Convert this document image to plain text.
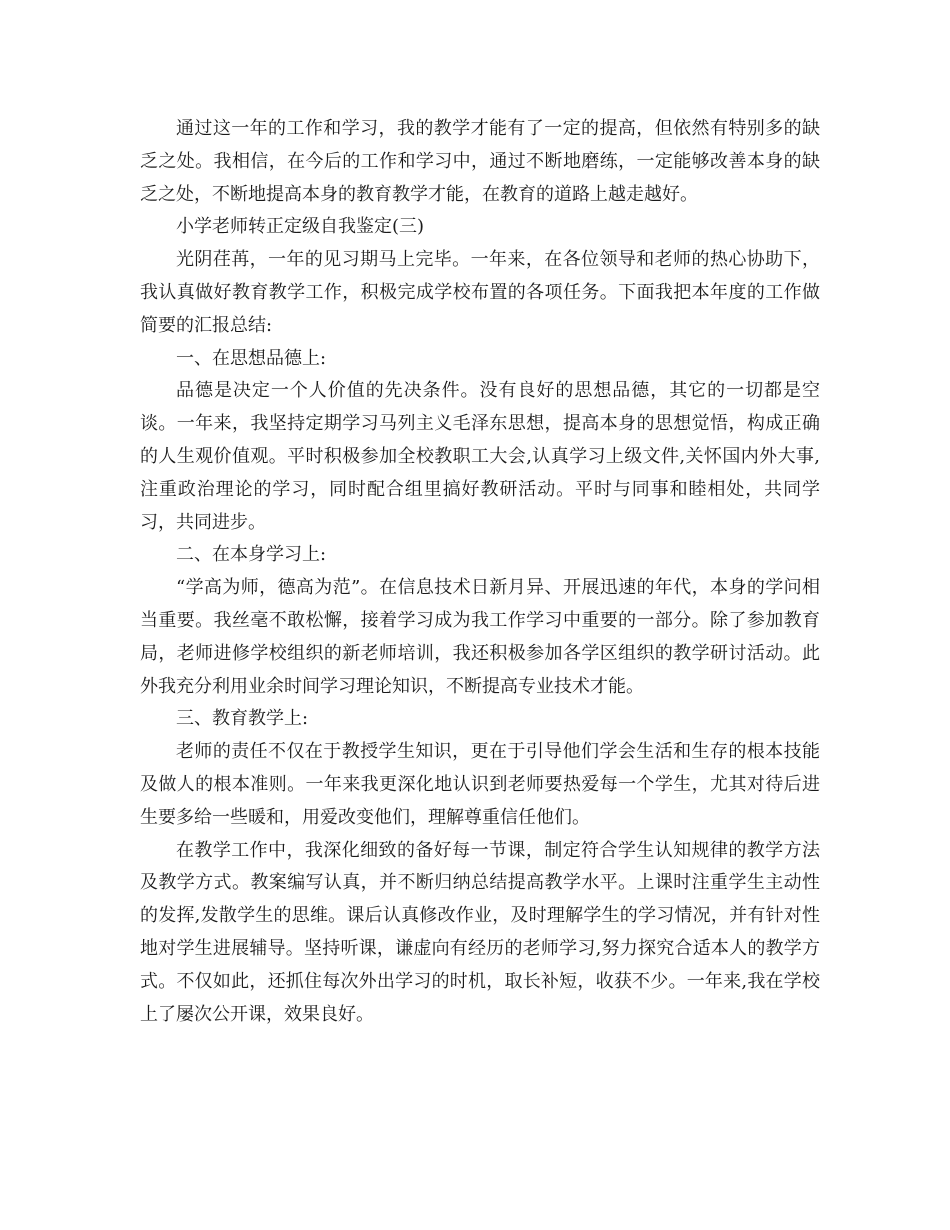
通过这一年的工作和学习，我的教学才能有了一定的提高，但依然有特别多的缺乏之处。我相信，在今后的工作和学习中，通过不断地磨练，一定能够改善本身的缺乏之处，不断地提高本身的教育教学才能，在教育的道路上越走越好。

小学老师转正定级自我鉴定(三)

光阴荏苒，一年的见习期马上完毕。一年来，在各位领导和老师的热心协助下，我认真做好教育教学工作，积极完成学校布置的各项任务。下面我把本年度的工作做简要的汇报总结:

一、在思想品德上:

品德是决定一个人价值的先决条件。没有良好的思想品德，其它的一切都是空谈。一年来，我坚持定期学习马列主义毛泽东思想，提高本身的思想觉悟，构成正确的人生观价值观。平时积极参加全校教职工大会,认真学习上级文件,关怀国内外大事,注重政治理论的学习，同时配合组里搞好教研活动。平时与同事和睦相处，共同学习，共同进步。

二、在本身学习上:

“学高为师，德高为范”。在信息技术日新月异、开展迅速的年代，本身的学问相当重要。我丝毫不敢松懈，接着学习成为我工作学习中重要的一部分。除了参加教育局，老师进修学校组织的新老师培训，我还积极参加各学区组织的教学研讨活动。此外我充分利用业余时间学习理论知识，不断提高专业技术才能。

三、教育教学上:

老师的责任不仅在于教授学生知识，更在于引导他们学会生活和生存的根本技能及做人的根本准则。一年来我更深化地认识到老师要热爱每一个学生，尤其对待后进生要多给一些暖和，用爱改变他们，理解尊重信任他们。

在教学工作中，我深化细致的备好每一节课，制定符合学生认知规律的教学方法及教学方式。教案编写认真，并不断归纳总结提高教学水平。上课时注重学生主动性的发挥,发散学生的思维。课后认真修改作业，及时理解学生的学习情况，并有针对性地对学生进展辅导。坚持听课，谦虚向有经历的老师学习,努力探究合适本人的教学方式。不仅如此，还抓住每次外出学习的时机，取长补短，收获不少。一年来,我在学校上了屡次公开课，效果良好。
